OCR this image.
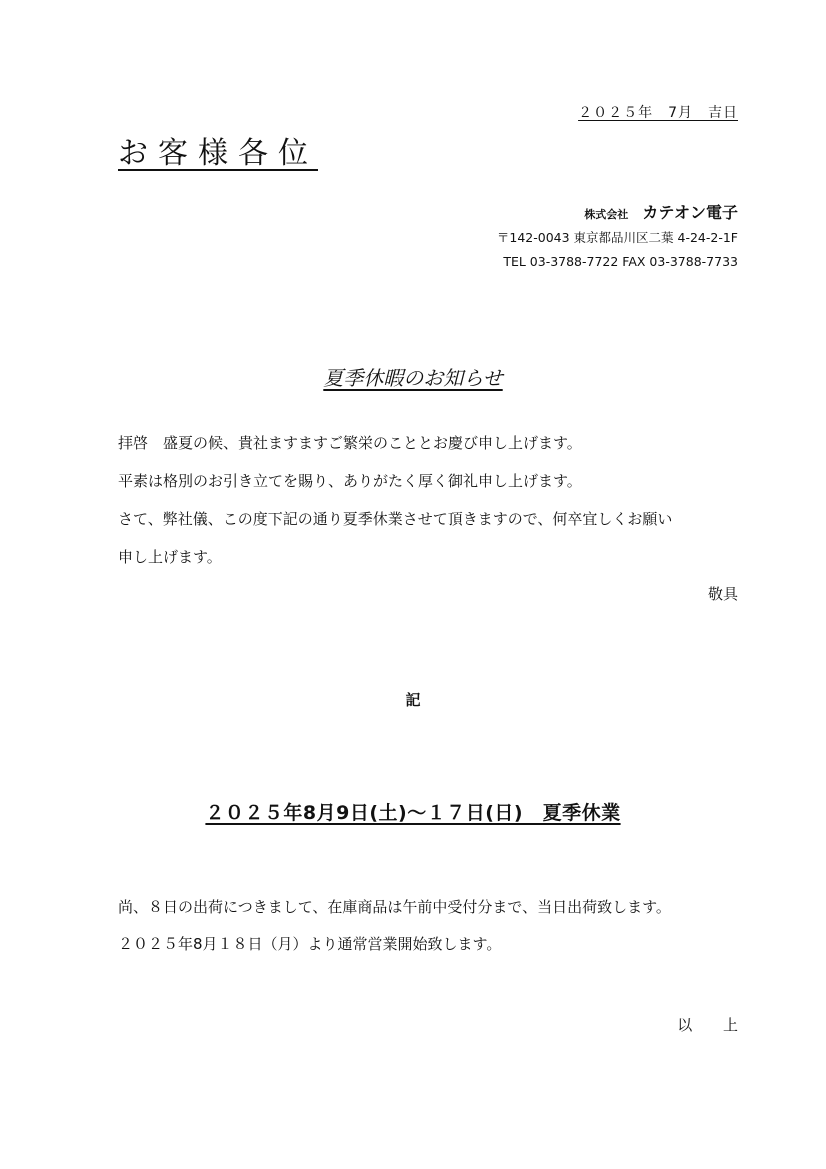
２０２５年　7月　吉日
お客様各位
株式会社 カテオン電子
〒142-0043 東京都品川区二葉 4-24-2-1F
TEL 03-3788-7722 FAX 03-3788-7733
夏季休暇のお知らせ
拝啓　盛夏の候、貴社ますますご繁栄のこととお慶び申し上げます。
平素は格別のお引き立てを賜り、ありがたく厚く御礼申し上げます。
さて、弊社儀、この度下記の通り夏季休業させて頂きますので、何卒宜しくお願い
申し上げます。
敬具
記
２０２５年8月9日(土)～１７日(日)　夏季休業
尚、８日の出荷につきまして、在庫商品は午前中受付分まで、当日出荷致します。
２０２５年8月１８日（月）より通常営業開始致します。
以 上
